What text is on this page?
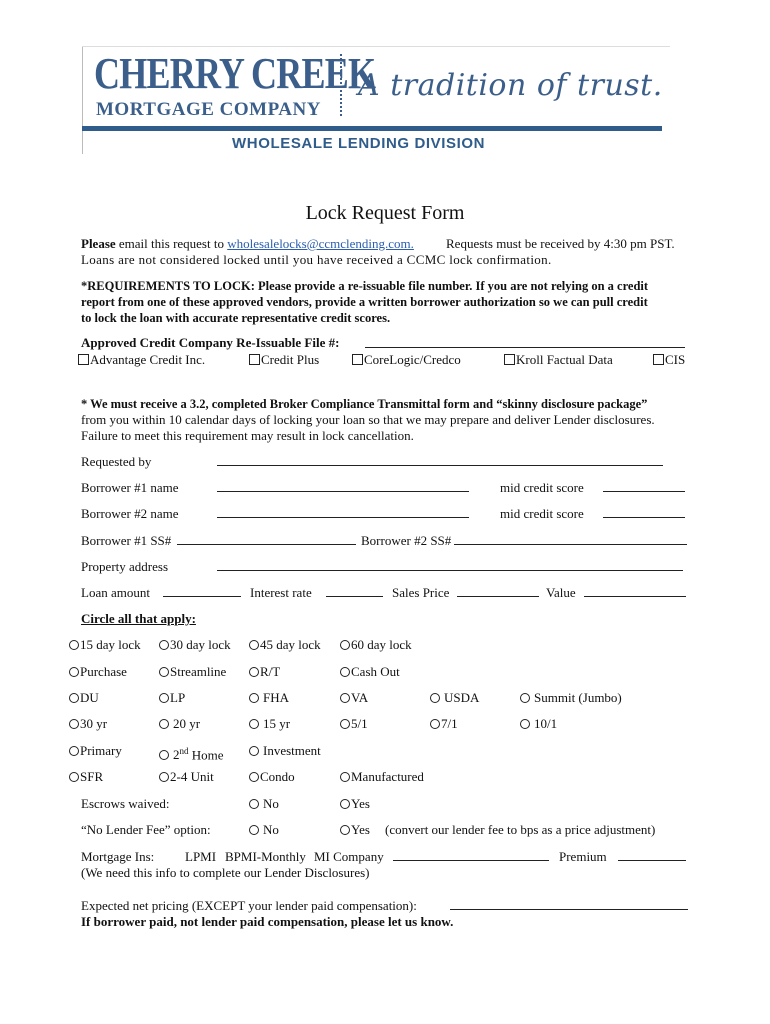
CHERRY CREEK
MORTGAGE COMPANY
A tradition of trust.
WHOLESALE LENDING DIVISION
Lock Request Form
Please email this request to wholesalelocks@ccmclending.com. Requests must be received by 4:30 pm PST.
Loans are not considered locked until you have received a CCMC lock confirmation.
*REQUIREMENTS TO LOCK: Please provide a re-issuable file number. If you are not relying on a credit
report from one of these approved vendors, provide a written borrower authorization so we can pull credit
to lock the loan with accurate representative credit scores.
Approved Credit Company Re-Issuable File #:
Advantage Credit Inc.	Credit Plus	CoreLogic/Credco	Kroll Factual Data	CIS
* We must receive a 3.2, completed Broker Compliance Transmittal form and “skinny disclosure package”
from you within 10 calendar days of locking your loan so that we may prepare and deliver Lender disclosures.
Failure to meet this requirement may result in lock cancellation.
Requested by
Borrower #1 name	mid credit score
Borrower #2 name	mid credit score
Borrower #1 SS#	Borrower #2 SS#
Property address
Loan amount	Interest rate	Sales Price	Value
Circle all that apply:
15 day lock	30 day lock	45 day lock	60 day lock
Purchase	Streamline	R/T	Cash Out
DU	LP	FHA	VA	USDA	Summit (Jumbo)
30 yr	20 yr	15 yr	5/1	7/1	10/1
Primary	2nd Home	Investment
SFR	2-4 Unit	Condo	Manufactured
Escrows waived:	No	Yes
“No Lender Fee” option:	No	Yes (convert our lender fee to bps as a price adjustment)
Mortgage Ins: LPMI BPMI-Monthly MI Company	Premium
(We need this info to complete our Lender Disclosures)
Expected net pricing (EXCEPT your lender paid compensation):
If borrower paid, not lender paid compensation, please let us know.
